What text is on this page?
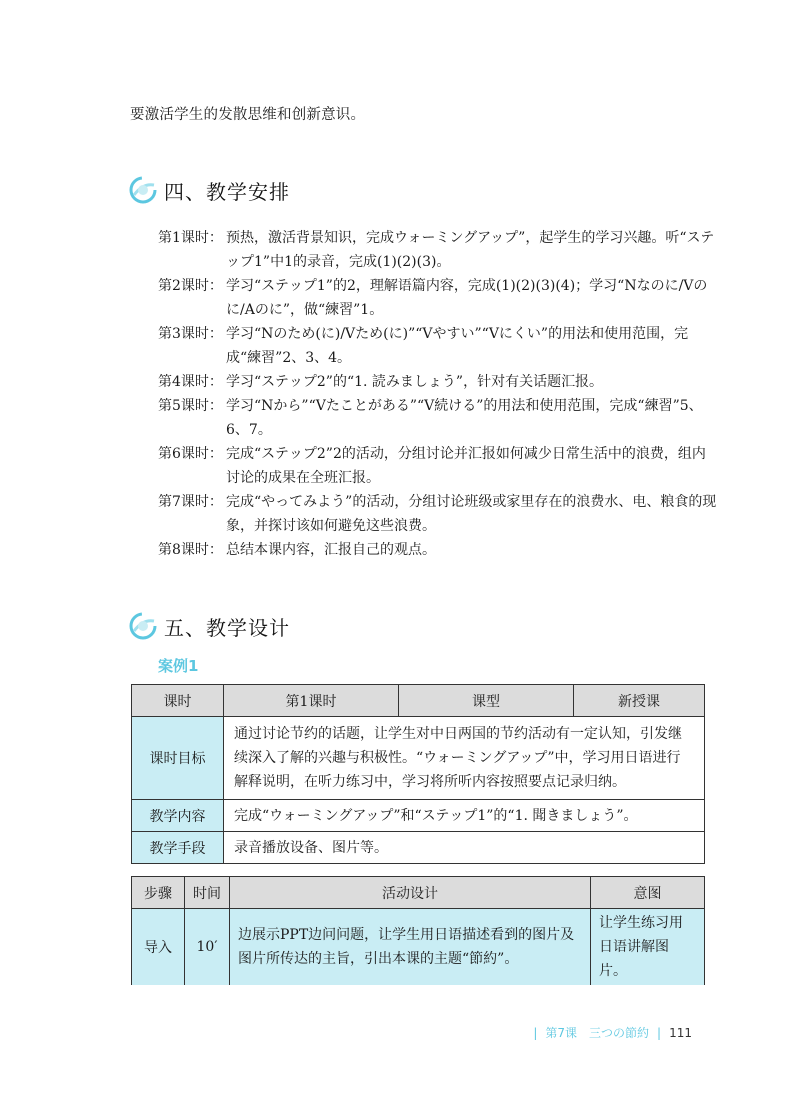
要激活学生的发散思维和创新意识。
四、教学安排
第1课时： 预热，激活背景知识，完成ウォーミングアップ”，起学生的学习兴趣。听“ステップ1”中1的录音，完成(1)(2)(3)。
第2课时： 学习“ステップ1”的2，理解语篇内容，完成(1)(2)(3)(4)；学习“Nなのに/Vのに/Aのに”，做“練習”1。
第3课时： 学习“Nのため(に)/Vため(に)”“Vやすい”“Vにくい”的用法和使用范围，完成“練習”2、3、4。
第4课时： 学习“ステップ2”的“1. 読みましょう”，针对有关话题汇报。
第5课时： 学习“Nから”“Vたことがある”“V続ける”的用法和使用范围，完成“練習”5、6、7。
第6课时： 完成“ステップ2”2的活动，分组讨论并汇报如何减少日常生活中的浪费，组内讨论的成果在全班汇报。
第7课时： 完成“やってみよう”的活动，分组讨论班级或家里存在的浪费水、电、粮食的现象，并探讨该如何避免这些浪费。
第8课时： 总结本课内容，汇报自己的观点。
五、教学设计
案例1
课时	第1课时	课型	新授课
课时目标	通过讨论节约的话题，让学生对中日两国的节约活动有一定认知，引发继续深入了解的兴趣与积极性。“ウォーミングアップ”中，学习用日语进行解释说明，在听力练习中，学习将所听内容按照要点记录归纳。		
教学内容	完成“ウォーミングアップ”和“ステップ1”的“1. 聞きましょう”。		
教学手段	录音播放设备、图片等。		
步骤	时间	活动设计	意图
导入	10′	边展示PPT边问问题，让学生用日语描述看到的图片及图片所传达的主旨，引出本课的主题“節約”。	让学生练习用日语讲解图片。
| 第7课　三つの節約 | 111
